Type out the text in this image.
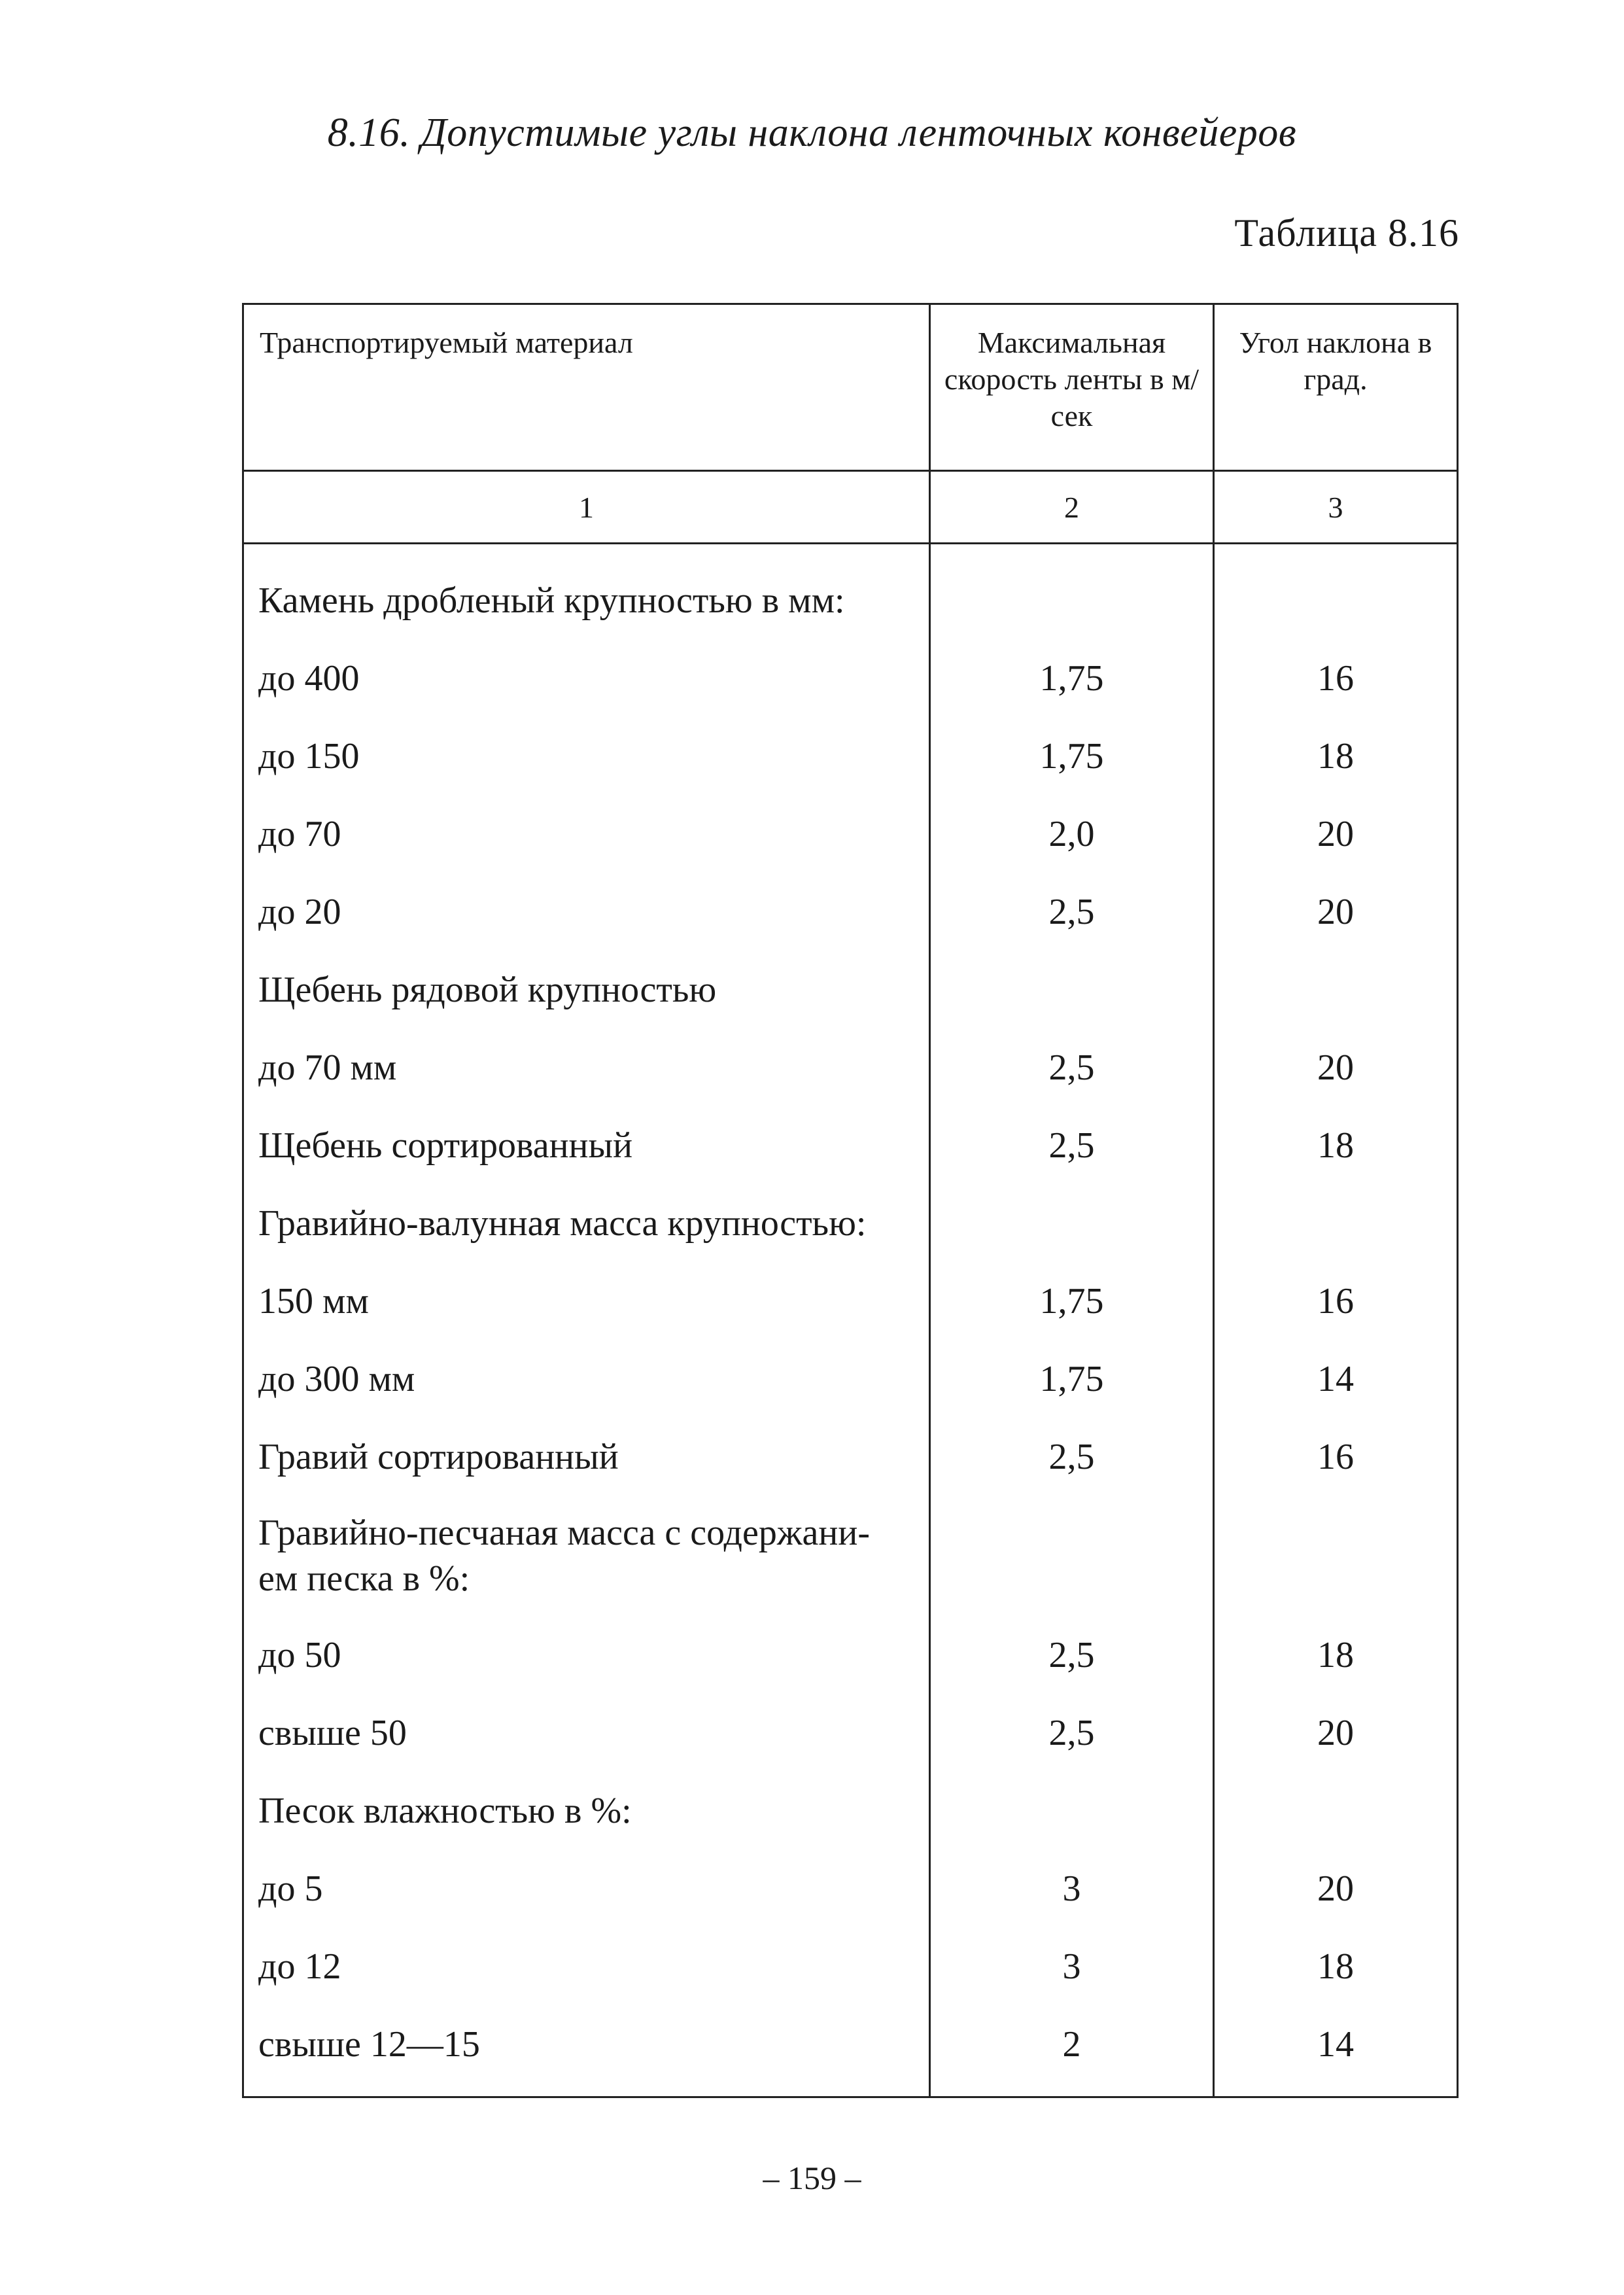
8.16. Допустимые углы наклона ленточных конвейеров
Таблица 8.16
Транспортируемый материал	Максимальная скорость ленты в м/сек	Угол наклона в град.
1	2	3
Камень дробленый крупностью в мм:		
до 400	1,75	16
до 150	1,75	18
до 70	2,0	20
до 20	2,5	20
Щебень рядовой крупностью		
до 70 мм	2,5	20
Щебень сортированный	2,5	18
Гравийно-валунная масса крупностью:		
150 мм	1,75	16
до 300 мм	1,75	14
Гравий сортированный	2,5	16
Гравийно-песчаная масса с содержани-ем песка в %:		
до 50	2,5	18
свыше 50	2,5	20
Песок влажностью в %:		
до 5	3	20
до 12	3	18
свыше 12—15	2	14
– 159 –
